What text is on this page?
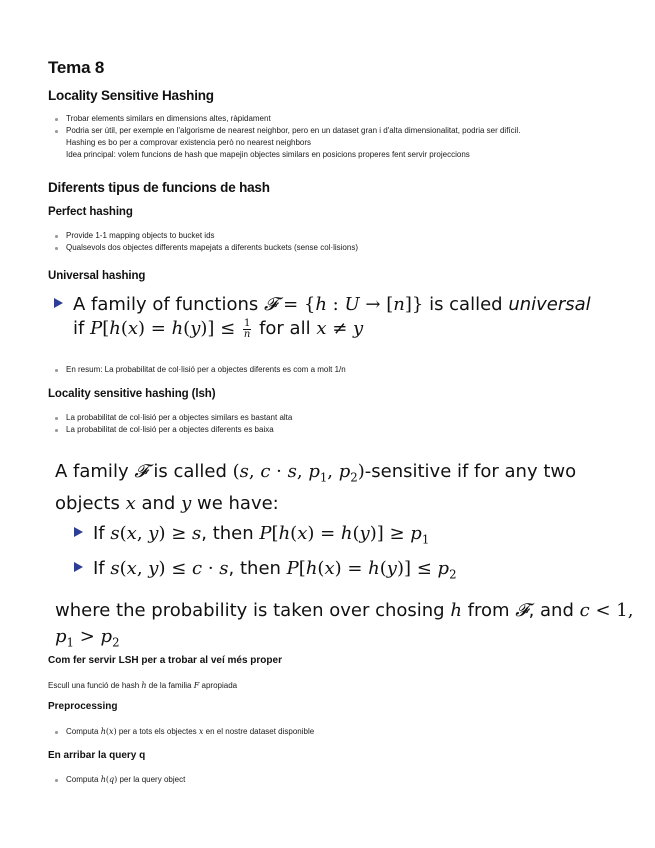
Tema 8
Locality Sensitive Hashing
Trobar elements similars en dimensions altes, ràpidament
Podria ser útil, per exemple en l'algorisme de nearest neighbor, pero en un dataset gran i d'alta dimensionalitat, podria ser difícil.
Hashing es bo per a comprovar existencia però no nearest neighbors
Idea principal: volem funcions de hash que mapejin objectes similars en posicions properes fent servir projeccions
Diferents tipus de funcions de hash
Perfect hashing
Provide 1-1 mapping objects to bucket ids
Qualsevols dos objectes differents mapejats a diferents buckets (sense col·lisions)
Universal hashing
A family of functions 𝓕 = {h : U → [n]} is called universal
if $P[h(x) = h(y)] \le \frac{1}{n}$ for all x ≠ y
En resum: La probabilitat de col·lisió per a objectes diferents es com a molt 1/n
Locality sensitive hashing (lsh)
La probabilitat de col·lisió per a objectes similars es bastant alta
La probabilitat de col·lisió per a objectes diferents es baixa
A family 𝓕 is called (s, c · s, $p_1$, $p_2$)-sensitive if for any two
objects x and y we have:
If s(x, y) ≥ s, then $P[h(x) = h(y)] \ge p_1$
If s(x, y) ≤ c · s, then $P[h(x) = h(y)] \le p_2$
where the probability is taken over chosing h from 𝓕, and c < 1,
$p_1 > p_2$
Com fer servir LSH per a trobar al veí més proper
Escull una funció de hash h de la familia F apropiada
Preprocessing
Computa h(x) per a tots els objectes x en el nostre dataset disponible
En arribar la query q
Computa h(q) per la query object
